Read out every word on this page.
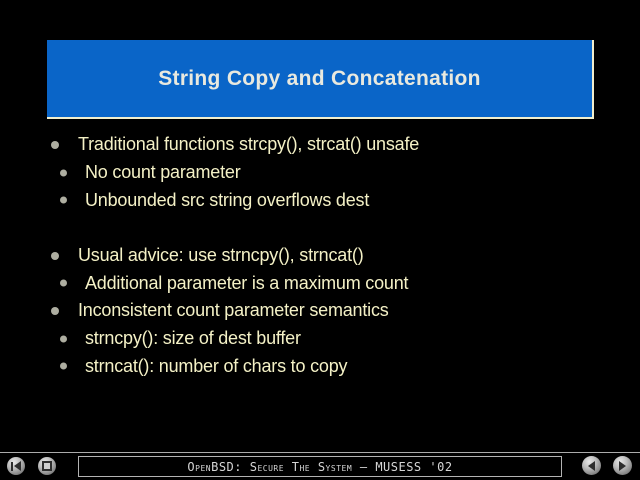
String Copy and Concatenation
Traditional functions strcpy(), strcat() unsafe
No count parameter
Unbounded src string overflows dest
Usual advice: use strncpy(), strncat()
Additional parameter is a maximum count
Inconsistent count parameter semantics
strncpy(): size of dest buffer
strncat(): number of chars to copy
OpenBSD: Secure The System — MUSESS '02
